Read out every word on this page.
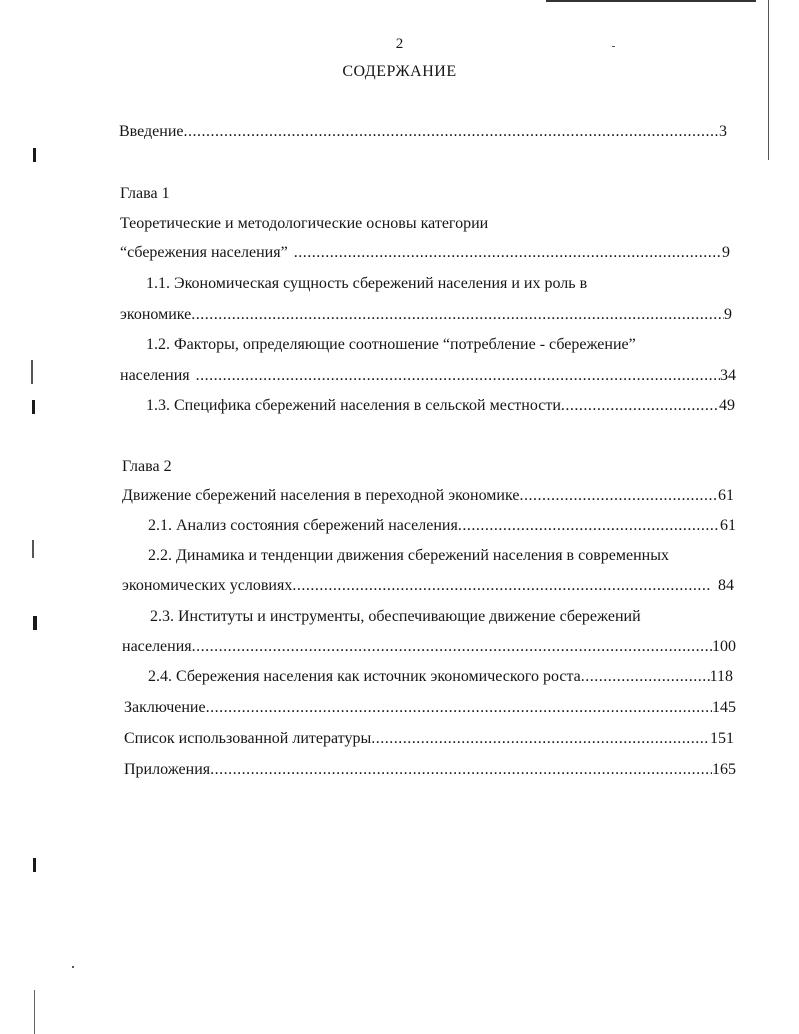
2
СОДЕРЖАНИЕ
Введение .....	3
Глава 1
Теоретические и методологические основы категории
“сбережения населения” .....	9
1.1. Экономическая сущность сбережений населения и их роль в
экономике .....	9
1.2. Факторы, определяющие соотношение “потребление - сбережение”
населения .....	34
1.3. Специфика сбережений населения в сельской местности .....	49
Глава 2
Движение сбережений населения в переходной экономике .....	61
2.1. Анализ состояния сбережений населения .....	61
2.2. Динамика и тенденции движения сбережений населения в современных
экономических условиях .....	84
2.3. Институты и инструменты, обеспечивающие движение сбережений
населения .....	100
2.4. Сбережения населения как источник экономического роста .....	118
Заключение .....	145
Список использованной литературы .....	151
Приложения .....	165
